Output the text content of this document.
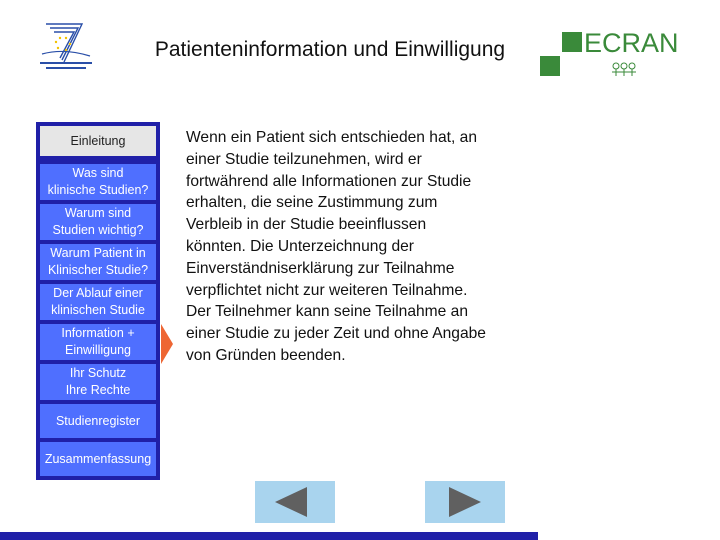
Patienteninformation und Einwilligung	ECRAN
Einleitung
Was sind
klinische Studien?
Warum sind
Studien wichtig?
Warum Patient in
Klinischer Studie?
Der Ablauf einer
klinischen Studie
Information +
Einwilligung
Ihr Schutz
Ihre Rechte
Studienregister
Zusammenfassung
Wenn ein Patient sich entschieden hat, an einer Studie teilzunehmen, wird er fortwährend alle Informationen zur Studie erhalten, die seine Zustimmung zum Verbleib in der Studie beeinflussen könnten. Die Unterzeichnung der Einverständniserklärung zur Teilnahme verpflichtet nicht zur weiteren Teilnahme. Der Teilnehmer kann seine Teilnahme an einer Studie zu jeder Zeit und ohne Angabe von Gründen beenden.
